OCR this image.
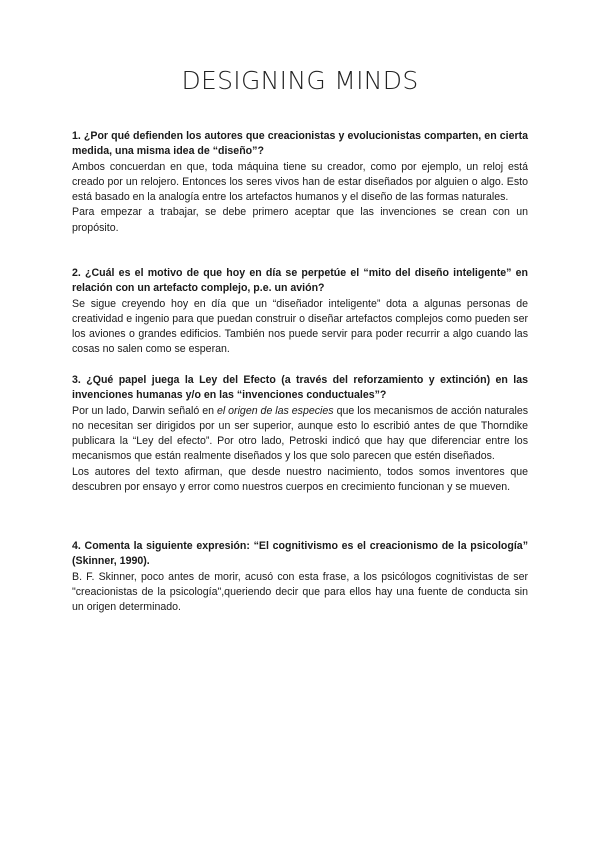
DESIGNING MINDS

1. ¿Por qué defienden los autores que creacionistas y evolucionistas comparten, en cierta medida, una misma idea de “diseño”?

Ambos concuerdan en que, toda máquina tiene su creador, como por ejemplo, un reloj está creado por un relojero. Entonces los seres vivos han de estar diseñados por alguien o algo. Esto está basado en la analogía entre los artefactos humanos y el diseño de las formas naturales.

Para empezar a trabajar, se debe primero aceptar que las invenciones se crean con un propósito.

2. ¿Cuál es el motivo de que hoy en día se perpetúe el “mito del diseño inteligente” en relación con un artefacto complejo, p.e. un avión?

Se sigue creyendo hoy en día que un “diseñador inteligente” dota a algunas personas de creatividad e ingenio para que puedan construir o diseñar artefactos complejos como pueden ser los aviones o grandes edificios. También nos puede servir para poder recurrir a algo cuando las cosas no salen como se esperan.

3. ¿Qué papel juega la Ley del Efecto (a través del reforzamiento y extinción) en las invenciones humanas y/o en las “invenciones conductuales”?

Por un lado, Darwin señaló en el origen de las especies que los mecanismos de acción naturales no necesitan ser dirigidos por un ser superior, aunque esto lo escribió antes de que Thorndike publicara la “Ley del efecto”. Por otro lado, Petroski indicó que hay que diferenciar entre los mecanismos que están realmente diseñados y los que solo parecen que estén diseñados.

Los autores del texto afirman, que desde nuestro nacimiento, todos somos inventores que descubren por ensayo y error como nuestros cuerpos en crecimiento funcionan y se mueven.

4. Comenta la siguiente expresión: “El cognitivismo es el creacionismo de la psicología” (Skinner, 1990).

B. F. Skinner, poco antes de morir, acusó con esta frase, a los psicólogos cognitivistas de ser "creacionistas de la psicología",queriendo decir que para ellos hay una fuente de conducta sin un origen determinado.
